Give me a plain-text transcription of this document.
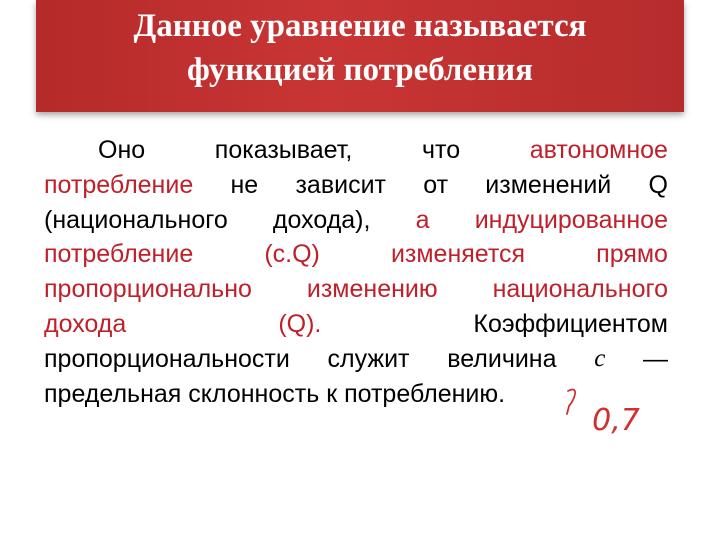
Данное уравнение называется
функцией потребления
Оно	показывает,	что	автономное
потребление не зависит от изменений Q
(национального дохода), а индуцированное
потребление	(c.Q)	изменяется	прямо
пропорционально изменению национального
дохода	(Q).	Коэффициентом
пропорциональности служит величина c —
предельная склонность к потреблению.
0,7
